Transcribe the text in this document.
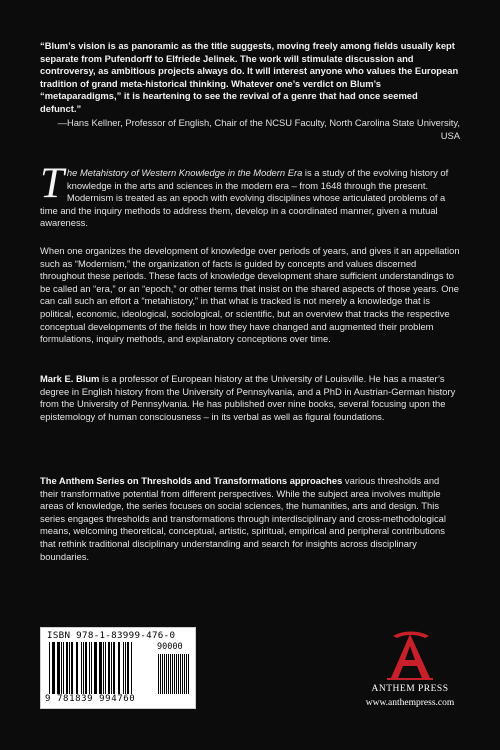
“Blum’s vision is as panoramic as the title suggests, moving freely among fields usually kept separate from Pufendorff to Elfriede Jelinek. The work will stimulate discussion and controversy, as ambitious projects always do. It will interest anyone who values the European tradition of grand meta-historical thinking. Whatever one’s verdict on Blum’s “metaparadigms,” it is heartening to see the revival of a genre that had once seemed defunct.”
—Hans Kellner, Professor of English, Chair of the NCSU Faculty, North Carolina State University, USA
The Metahistory of Western Knowledge in the Modern Era is a study of the evolving history of knowledge in the arts and sciences in the modern era – from 1648 through the present. Modernism is treated as an epoch with evolving disciplines whose articulated problems of a time and the inquiry methods to address them, develop in a coordinated manner, given a mutual awareness.
When one organizes the development of knowledge over periods of years, and gives it an appellation such as “Modernism,” the organization of facts is guided by concepts and values discerned throughout these periods. These facts of knowledge development share sufficient understandings to be called an “era,” or an “epoch,” or other terms that insist on the shared aspects of those years. One can call such an effort a “metahistory,” in that what is tracked is not merely a knowledge that is political, economic, ideological, sociological, or scientific, but an overview that tracks the respective conceptual developments of the fields in how they have changed and augmented their problem formulations, inquiry methods, and explanatory conceptions over time.
Mark E. Blum is a professor of European history at the University of Louisville. He has a master’s degree in English history from the University of Pennsylvania, and a PhD in Austrian-German history from the University of Pennsylvania. He has published over nine books, several focusing upon the epistemology of human consciousness – in its verbal as well as figural foundations.
The Anthem Series on Thresholds and Transformations approaches various thresholds and their transformative potential from different perspectives. While the subject area involves multiple areas of knowledge, the series focuses on social sciences, the humanities, arts and design. This series engages thresholds and transformations through interdisciplinary and cross-methodological means, welcoming theoretical, conceptual, artistic, spiritual, empirical and peripheral contributions that rethink traditional disciplinary understanding and search for insights across disciplinary boundaries.
ISBN 978-1-83999-476-0
90000
9 781839 994760
ANTHEM PRESS
www.anthempress.com
